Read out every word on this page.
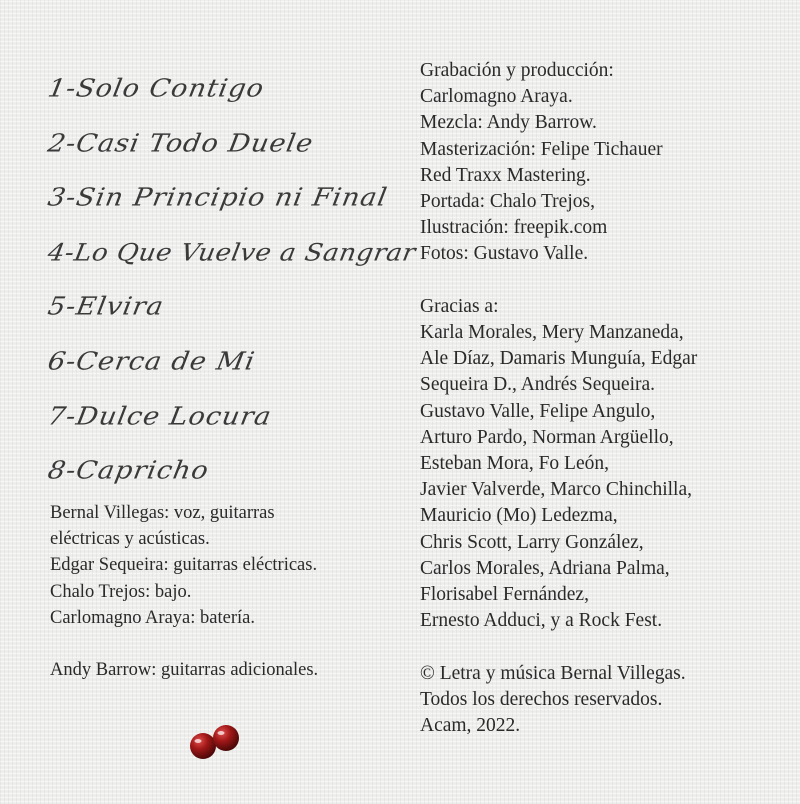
1-Solo Contigo
2-Casi Todo Duele
3-Sin Principio ni Final
4-Lo Que Vuelve a Sangrar
5-Elvira
6-Cerca de Mi
7-Dulce Locura
8-Capricho
Bernal Villegas: voz, guitarras
eléctricas y acústicas.
Edgar Sequeira: guitarras eléctricas.
Chalo Trejos: bajo.
Carlomagno Araya: batería.
Andy Barrow: guitarras adicionales.
Grabación y producción:
Carlomagno Araya.
Mezcla: Andy Barrow.
Masterización: Felipe Tichauer
Red Traxx Mastering.
Portada: Chalo Trejos,
Ilustración: freepik.com
Fotos: Gustavo Valle.
Gracias a:
Karla Morales, Mery Manzaneda,
Ale Díaz, Damaris Munguía, Edgar
Sequeira D., Andrés Sequeira.
Gustavo Valle, Felipe Angulo,
Arturo Pardo, Norman Argüello,
Esteban Mora, Fo León,
Javier Valverde, Marco Chinchilla,
Mauricio (Mo) Ledezma,
Chris Scott, Larry González,
Carlos Morales, Adriana Palma,
Florisabel Fernández,
Ernesto Adduci, y a Rock Fest.
© Letra y música Bernal Villegas.
Todos los derechos reservados.
Acam, 2022.
